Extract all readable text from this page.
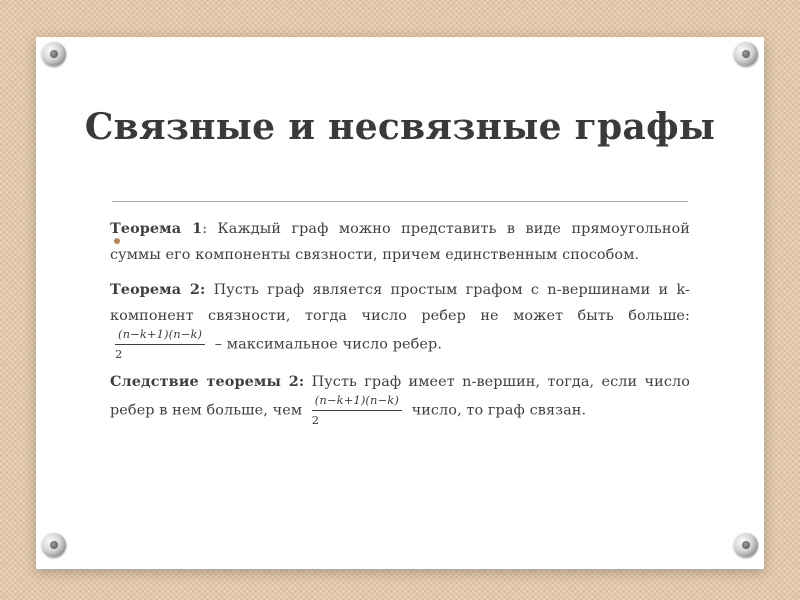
Связные и несвязные графы

Теорема 1: Каждый граф можно представить в виде прямоугольной суммы его компоненты связности, причем единственным способом.

Теорема 2: Пусть граф является простым графом с n-вершинами и k-компонент связности, тогда число ребер не может быть больше:
$\frac{(n-k+1)(n-k)}{2}$ – максимальное число ребер.

Следствие теоремы 2: Пусть граф имеет n-вершин, тогда, если число ребер в нем больше, чем $\frac{(n-k+1)(n-k)}{2}$ число, то граф связан.
